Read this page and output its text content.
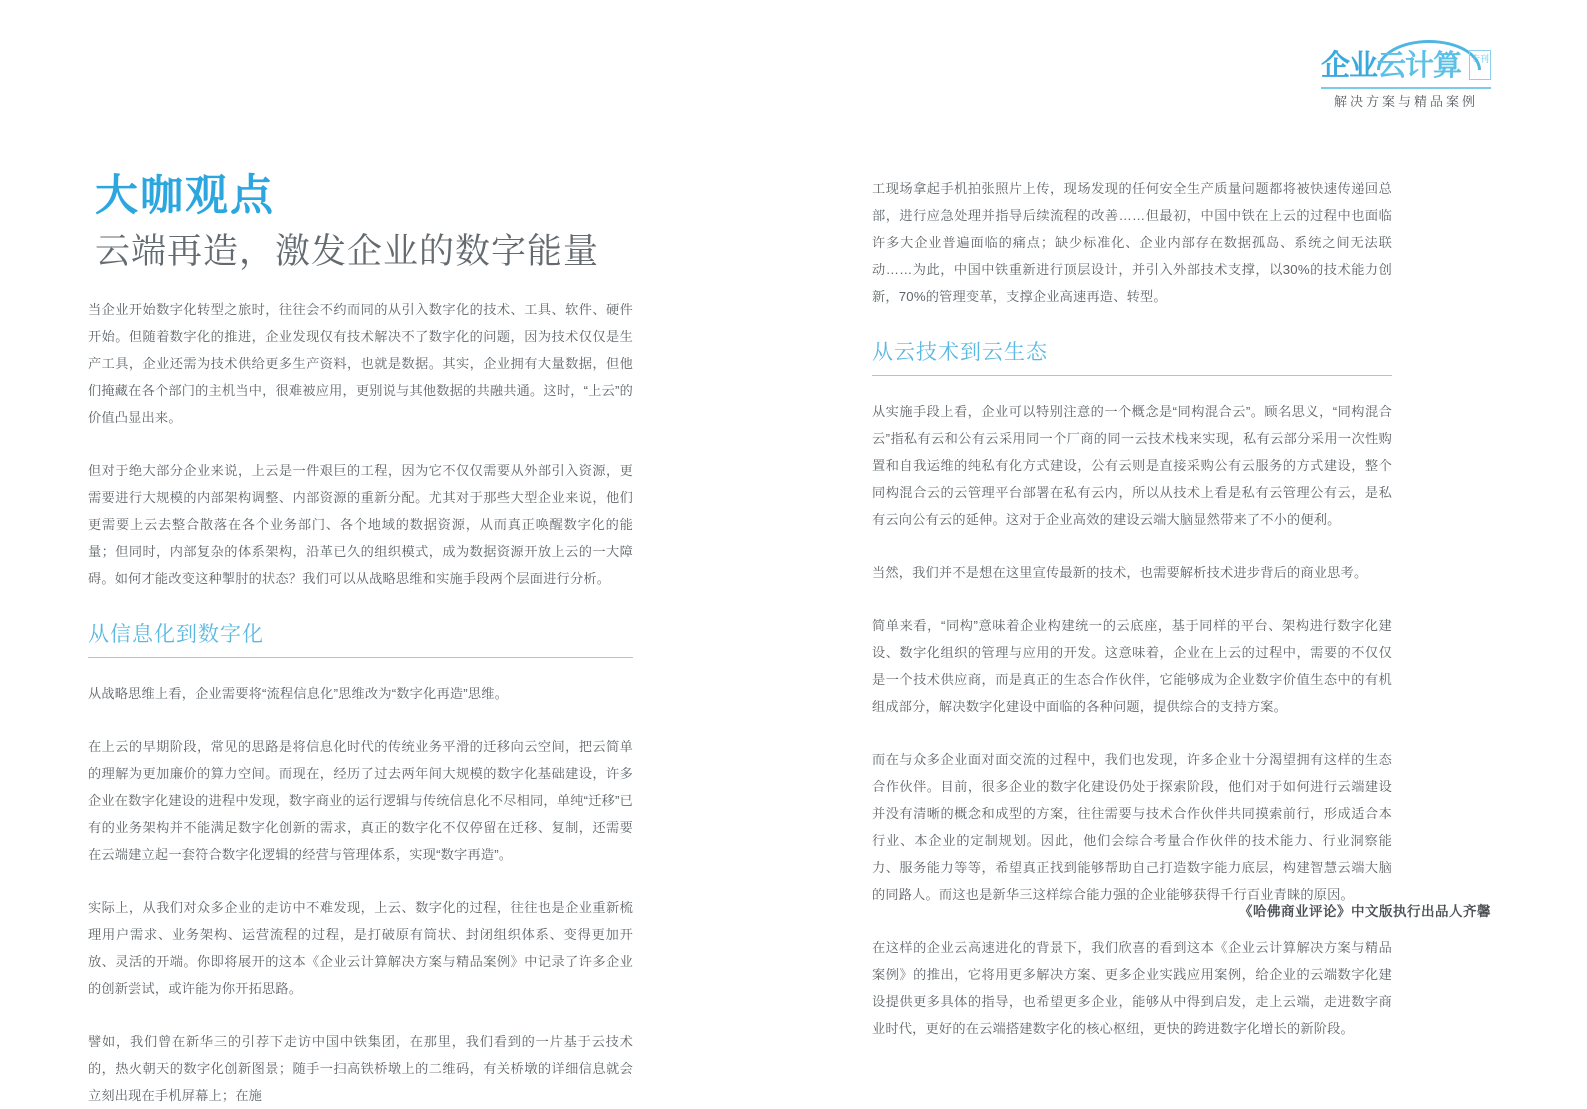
企业云计算 专刊
解决方案与精品案例
大咖观点
云端再造，激发企业的数字能量

当企业开始数字化转型之旅时，往往会不约而同的从引入数字化的技术、工具、软件、硬件开始。但随着数字化的推进，企业发现仅有技术解决不了数字化的问题，因为技术仅仅是生产工具，企业还需为技术供给更多生产资料，也就是数据。其实，企业拥有大量数据，但他们掩藏在各个部门的主机当中，很难被应用，更别说与其他数据的共融共通。这时，“上云”的价值凸显出来。

但对于绝大部分企业来说，上云是一件艰巨的工程，因为它不仅仅需要从外部引入资源，更需要进行大规模的内部架构调整、内部资源的重新分配。尤其对于那些大型企业来说，他们更需要上云去整合散落在各个业务部门、各个地域的数据资源，从而真正唤醒数字化的能量；但同时，内部复杂的体系架构，沿革已久的组织模式，成为数据资源开放上云的一大障碍。如何才能改变这种掣肘的状态？我们可以从战略思维和实施手段两个层面进行分析。

从信息化到数字化

从战略思维上看，企业需要将“流程信息化”思维改为“数字化再造”思维。

在上云的早期阶段，常见的思路是将信息化时代的传统业务平滑的迁移向云空间，把云简单的理解为更加廉价的算力空间。而现在，经历了过去两年间大规模的数字化基础建设，许多企业在数字化建设的进程中发现，数字商业的运行逻辑与传统信息化不尽相同，单纯“迁移”已有的业务架构并不能满足数字化创新的需求，真正的数字化不仅停留在迁移、复制，还需要在云端建立起一套符合数字化逻辑的经营与管理体系，实现“数字再造”。

实际上，从我们对众多企业的走访中不难发现，上云、数字化的过程，往往也是企业重新梳理用户需求、业务架构、运营流程的过程，是打破原有筒状、封闭组织体系、变得更加开放、灵活的开端。你即将展开的这本《企业云计算解决方案与精品案例》中记录了许多企业的创新尝试，或许能为你开拓思路。

譬如，我们曾在新华三的引荐下走访中国中铁集团，在那里，我们看到的一片基于云技术的，热火朝天的数字化创新图景；随手一扫高铁桥墩上的二维码，有关桥墩的详细信息就会立刻出现在手机屏幕上；在施

工现场拿起手机拍张照片上传，现场发现的任何安全生产质量问题都将被快速传递回总部，进行应急处理并指导后续流程的改善……但最初，中国中铁在上云的过程中也面临许多大企业普遍面临的痛点；缺少标准化、企业内部存在数据孤岛、系统之间无法联动……为此，中国中铁重新进行顶层设计，并引入外部技术支撑，以30%的技术能力创新，70%的管理变革，支撑企业高速再造、转型。

从云技术到云生态

从实施手段上看，企业可以特别注意的一个概念是“同构混合云”。顾名思义，“同构混合云”指私有云和公有云采用同一个厂商的同一云技术栈来实现，私有云部分采用一次性购置和自我运维的纯私有化方式建设，公有云则是直接采购公有云服务的方式建设，整个同构混合云的云管理平台部署在私有云内，所以从技术上看是私有云管理公有云，是私有云向公有云的延伸。这对于企业高效的建设云端大脑显然带来了不小的便利。

当然，我们并不是想在这里宣传最新的技术，也需要解析技术进步背后的商业思考。

简单来看，“同构”意味着企业构建统一的云底座，基于同样的平台、架构进行数字化建设、数字化组织的管理与应用的开发。这意味着，企业在上云的过程中，需要的不仅仅是一个技术供应商，而是真正的生态合作伙伴，它能够成为企业数字价值生态中的有机组成部分，解决数字化建设中面临的各种问题，提供综合的支持方案。

而在与众多企业面对面交流的过程中，我们也发现，许多企业十分渴望拥有这样的生态合作伙伴。目前，很多企业的数字化建设仍处于探索阶段，他们对于如何进行云端建设并没有清晰的概念和成型的方案，往往需要与技术合作伙伴共同摸索前行，形成适合本行业、本企业的定制规划。因此，他们会综合考量合作伙伴的技术能力、行业洞察能力、服务能力等等，希望真正找到能够帮助自己打造数字能力底层，构建智慧云端大脑的同路人。而这也是新华三这样综合能力强的企业能够获得千行百业青睐的原因。

在这样的企业云高速进化的背景下，我们欣喜的看到这本《企业云计算解决方案与精品案例》的推出，它将用更多解决方案、更多企业实践应用案例，给企业的云端数字化建设提供更多具体的指导，也希望更多企业，能够从中得到启发，走上云端，走进数字商业时代，更好的在云端搭建数字化的核心枢纽，更快的跨进数字化增长的新阶段。

《哈佛商业评论》中文版执行出品人齐馨
